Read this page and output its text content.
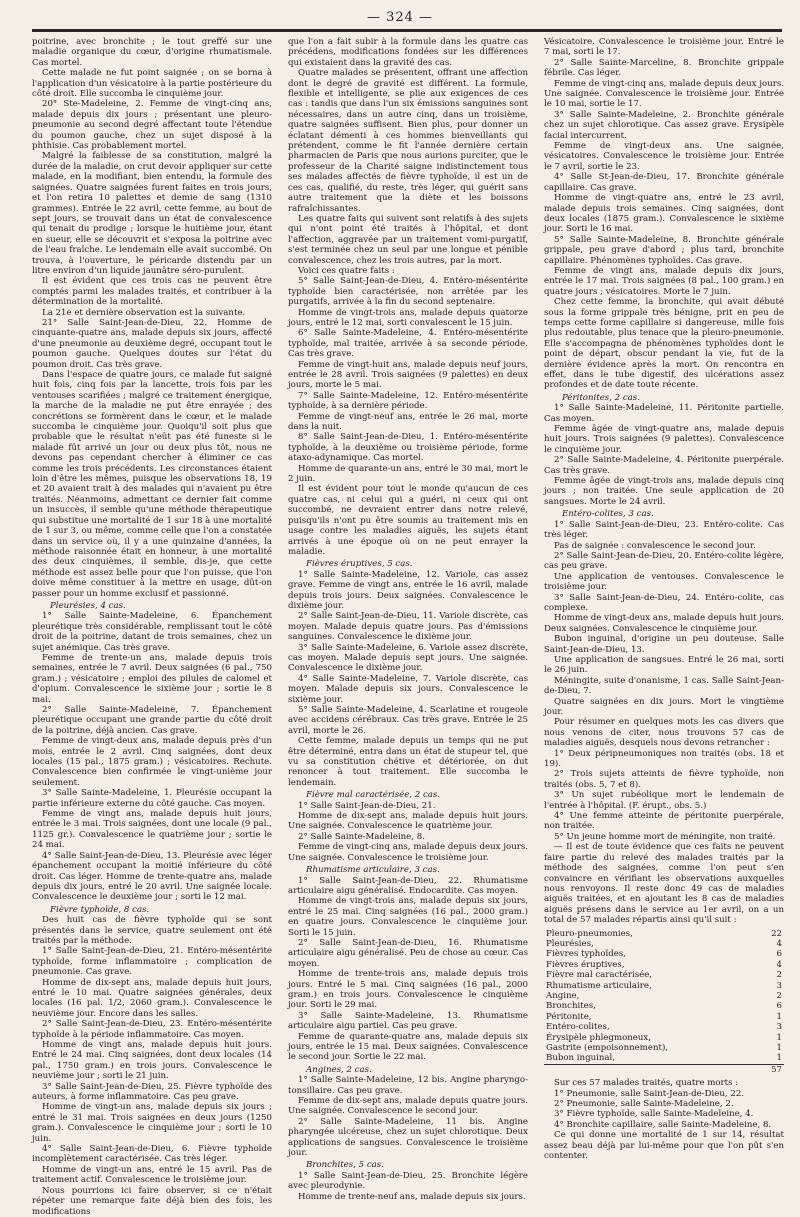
— 324 —

poitrine, avec bronchite ; le tout greffé sur une maladie organique du cœur, d'origine rhumatismale. Cas mortel.

Cette malade ne fut point saignée ; on se borna à l'application d'un vésicatoire à la partie postérieure du côté droit. Elle succomba le cinquième jour.

20° Ste-Madeleine, 2. Femme de vingt-cinq ans, malade depuis dix jours ; présentant une pleuro-pneumonie au second degré affectant toute l'étendue du poumon gauche, chez un sujet disposé à la phthisie. Cas probablement mortel.

Malgré la faiblesse de sa constitution, malgré la durée de la maladie, on crut devoir appliquer sur cette malade, en la modifiant, bien entendu, la formule des saignées. Quatre saignées furent faites en trois jours, et l'on retira 10 palettes et demie de sang (1310 grammes). Entrée le 22 avril, cette femme, au bout de sept jours, se trouvait dans un état de convalescence qui tenait du prodige ; lorsque le huitième jour, étant en sueur, elle se découvrit et s'exposa la poitrine avec de l'eau fraîche. Le lendemain elle avait succombé. On trouva, à l'ouverture, le péricarde distendu par un litre environ d'un liquide jaunâtre séro-purulent.

Il est évident que ces trois cas ne peuvent être comptés parmi les malades traités, et contribuer à la détermination de la mortalité.

La 21e et dernière observation est la suivante.

21° Salle Saint-Jean-de-Dieu, 22. Homme de cinquante-quatre ans, malade depuis six jours, affecté d'une pneumonie au deuxième degré, occupant tout le poumon gauche. Quelques doutes sur l'état du poumon droit. Cas très grave.

Dans l'espace de quatre jours, ce malade fut saigné huit fois, cinq fois par la lancette, trois fois par les ventouses scarifiées ; malgré ce traitement énergique, la marche de la maladie ne put être enrayée ; des concrétions se formèrent dans le cœur, et le malade succomba le cinquième jour. Quoiqu'il soit plus que probable que le résultat n'eût pas été funeste si le malade fût arrivé un jour ou deux plus tôt, nous ne devons pas cependant chercher à éliminer ce cas comme les trois précédents. Les circonstances étaient loin d'être les mêmes, puisque les observations 18, 19 et 20 avaient trait à des malades qui n'avaient pu être traités. Néanmoins, admettant ce dernier fait comme un insuccès, il semble qu'une méthode thérapeutique qui substitue une mortalité de 1 sur 18 à une mortalité de 1 sur 3, ou même, comme celle que l'on a constatée dans un service où, il y a une quinzaine d'années, la méthode raisonnée était en honneur, à une mortalité des deux cinquièmes, il semble, dis-je, que cette méthode est assez belle pour que l'on puisse, que l'on doive même constituer à la mettre en usage, dût-on passer pour un homme exclusif et passionné.

Pleurésies, 4 cas.

1° Salle Sainte-Madeleine, 6. Épanchement pleurétique très considérable, remplissant tout le côté droit de la poitrine, datant de trois semaines, chez un sujet anémique. Cas très grave.

Femme de trente-un ans, malade depuis trois semaines, entrée le 7 avril. Deux saignées (6 pal., 750 gram.) ; vésicatoire ; emploi des pilules de calomel et d'opium. Convalescence le sixième jour ; sortie le 8 mai.

2° Salle Sainte-Madeleine, 7. Épanchement pleurétique occupant une grande partie du côté droit de la poitrine, déjà ancien. Cas grave.

Femme de vingt-deux ans, malade depuis près d'un mois, entrée le 2 avril. Cinq saignées, dont deux locales (15 pal., 1875 gram.) ; vésicatoires. Rechute. Convalescence bien confirmée le vingt-unième jour seulement.

3° Salle Sainte-Madeleine, 1. Pleurésie occupant la partie inférieure externe du côté gauche. Cas moyen.

Femme de vingt ans, malade depuis huit jours, entrée le 3 mai. Trois saignées, dont une locale (9 pal., 1125 gr.). Convalescence le quatrième jour ; sortie le 24 mai.

4° Salle Saint-Jean-de-Dieu, 13. Pleurésie avec léger épanchement occupant la moitié inférieure du côté droit. Cas léger. Homme de trente-quatre ans, malade depuis dix jours, entré le 20 avril. Une saignée locale. Convalescence le deuxième jour ; sorti le 12 mai.

Fièvre typhoïde, 8 cas.

Des huit cas de fièvre typhoïde qui se sont présentés dans le service, quatre seulement ont été traités par la méthode.

1° Salle Saint-Jean-de-Dieu, 21. Entéro-mésentérite typhoïde, forme inflammatoire ; complication de pneumonie. Cas grave.

Homme de dix-sept ans, malade depuis huit jours, entré le 10 mai. Quatre saignées générales, deux locales (16 pal. 1/2, 2060 gram.). Convalescence le neuvième jour. Encore dans les salles.

2° Salle Saint-Jean-de-Dieu, 23. Entéro-mésentérite typhoïde à la période inflammatoire. Cas moyen.

Homme de vingt ans, malade depuis huit jours. Entré le 24 mai. Cinq saignées, dont deux locales (14 pal., 1750 gram.) en trois jours. Convalescence le neuvième jour ; sorti le 21 juin.

3° Salle Saint-Jean-de-Dieu, 25. Fièvre typhoïde des auteurs, à forme inflammatoire. Cas peu grave.

Homme de vingt-un ans, malade depuis six jours ; entré le 31 mai. Trois saignées en deux jours (1250 gram.). Convalescence le cinquième jour ; sorti le 10 juin.

4° Salle Saint-Jean-de-Dieu, 6. Fièvre typhoïde incomplètement caractérisée. Cas très léger.

Homme de vingt-un ans, entré le 15 avril. Pas de traitement actif. Convalescence le troisième jour.

Nous pourrions ici faire observer, si ce n'était répéter une remarque faite déjà bien des fois, les modifications

que l'on a fait subir à la formule dans les quatre cas précédens, modifications fondées sur les différences qui existaient dans la gravité des cas.

Quatre malades se présentent, offrant une affection dont le degré de gravité est différent. La formule, flexible et intelligente, se plie aux exigences de ces cas : tandis que dans l'un six émissions sanguines sont nécessaires, dans un autre cinq, dans un troisième, quatre saignées suffisent. Bien plus, pour donner un éclatant démenti à ces hommes bienveillants qui prétendent, comme le fit l'année dernière certain pharmacien de Paris que nous aurions purciter, que le professeur de la Charité saigne indistinctement tous ses malades affectés de fièvre typhoïde, il est un de ces cas, qualifié, du reste, très léger, qui guérit sans autre traitement que la diète et les boissons rafraîchissantes.

Les quatre faits qui suivent sont relatifs à des sujets qui n'ont point été traités à l'hôpital, et dont l'affection, aggravée par un traitement vomi-purgatif, s'est terminée chez un seul par une longue et pénible convalescence, chez les trois autres, par la mort.

Voici ces quatre faits :

5° Salle Saint-Jean-de-Dieu, 4. Entéro-mésentérite typhoïde bien caractérisée, non arrêtée par les purgatifs, arrivée à la fin du second septenaire.

Homme de vingt-trois ans, malade depuis quatorze jours, entré le 12 mai, sorti convalescent le 15 juin.

6° Salle Sainte-Madeleine, 4. Entéro-mésentérite typhoïde, mal traitée, arrivée à sa seconde période. Cas très grave.

Femme de vingt-huit ans, malade depuis neuf jours, entrée le 28 avril. Trois saignées (9 palettes) en deux jours, morte le 5 mai.

7° Salle Sainte-Madeleine, 12. Entéro-mésentérite typhoïde, à sa dernière période.

Femme de vingt-neuf ans, entrée le 26 mai, morte dans la nuit.

8° Salle Saint-Jean-de-Dieu, 1. Entéro-mésentérite typhoïde, à la deuxième ou troisième période, forme ataxo-adynamique. Cas mortel.

Homme de quarante-un ans, entré le 30 mai, mort le 2 juin.

Il est évident pour tout le monde qu'aucun de ces quatre cas, ni celui qui a guéri, ni ceux qui ont succombé, ne devraient entrer dans notre relevé, puisqu'ils n'ont pu être soumis au traitement mis en usage contre les maladies aiguës, les sujets étant arrivés à une époque où on ne peut enrayer la maladie.

Fièvres éruptives, 5 cas.

1° Salle Sainte-Madeleine, 12. Variole, cas assez grave. Femme de vingt ans, entrée le 16 avril, malade depuis trois jours. Deux saignées. Convalescence le dixième jour.

2° Salle Saint-Jean-de-Dieu, 11. Variole discrète, cas moyen. Malade depuis quatre jours. Pas d'émissions sanguines. Convalescence le dixième jour.

3° Salle Sainte-Madeleine, 6. Variole assez discrète, cas moyen. Malade depuis sept jours. Une saignée. Convalescence le dixième jour.

4° Salle Sainte-Madeleine, 7. Variole discrète, cas moyen. Malade depuis six jours. Convalescence le sixième jour.

5° Salle Sainte-Madeleine, 4. Scarlatine et rougeole avec accidens cérébraux. Cas très grave. Entrée le 25 avril, morte le 26.

Cette femme, malade depuis un temps qui ne put être déterminé, entra dans un état de stupeur tel, que vu sa constitution chétive et détériorée, on dut renoncer à tout traitement. Elle succomba le lendemain.

Fièvre mal caractérisée, 2 cas.

1° Salle Saint-Jean-de-Dieu, 21.

Homme de dix-sept ans, malade depuis huit jours. Une saignée. Convalescence le quatrième jour.

2° Salle Sainte-Madeleine, 8.

Femme de vingt-cinq ans, malade depuis deux jours. Une saignée. Convalescence le troisième jour.

Rhumatisme articulaire, 3 cas.

1° Salle Saint-Jean-de-Dieu, 22. Rhumatisme articulaire aigu généralisé. Endocardite. Cas moyen.

Homme de vingt-trois ans, malade depuis six jours, entré le 25 mai. Cinq saignées (16 pal., 2000 gram.) en quatre jours. Convalescence le cinquième jour. Sorti le 15 juin.

2° Salle Saint-Jean-de-Dieu, 16. Rhumatisme articulaire aigu généralisé. Peu de chose au cœur. Cas moyen.

Homme de trente-trois ans, malade depuis trois jours. Entré le 5 mai. Cinq saignées (16 pal., 2000 gram.) en trois jours. Convalescence le cinquième jour. Sorti le 29 mai.

3° Salle Sainte-Madeleine, 13. Rhumatisme articulaire aigu partiel. Cas peu grave.

Femme de quarante-quatre ans, malade depuis six jours, entrée le 15 mai. Deux saignées. Convalescence le second jour. Sortie le 22 mai.

Angines, 2 cas.

1° Salle Sainte-Madeleine, 12 bis. Angine pharyngo-tonsillaire. Cas peu grave.

Femme de dix-sept ans, malade depuis quatre jours. Une saignée. Convalescence le second jour.

2° Salle Sainte-Madeleine, 11 bis. Angine pharyngée ulcéreuse, chez un sujet chlorotique. Deux applications de sangsues. Convalescence le troisième jour.

Bronchites, 5 cas.

1° Salle Saint-Jean-de-Dieu, 25. Bronchite légère avec pleurodynie.

Homme de trente-neuf ans, malade depuis six jours.

Vésicatoire. Convalescence le troisième jour. Entré le 7 mai, sorti le 17.

2° Salle Sainte-Marceline, 8. Bronchite grippale fébrile. Cas léger.

Femme de vingt-cinq ans, malade depuis deux jours. Une saignée. Convalescence le troisième jour. Entrée le 10 mai, sortie le 17.

3° Salle Sainte-Madeleine, 2. Bronchite générale chez un sujet chlorotique. Cas assez grave. Érysipèle facial intercurrent.

Femme de vingt-deux ans. Une saignée, vésicatoires. Convalescence le troisième jour. Entrée le 7 avril, sortie le 23.

4° Salle St-Jean-de-Dieu, 17. Bronchite générale capillaire. Cas grave.

Homme de vingt-quatre ans, entré le 23 avril, malade depuis trois semaines. Cinq saignées, dont deux locales (1875 gram.). Convalescence le sixième jour. Sorti le 16 mai.

5° Salle Sainte-Madeleine, 8. Bronchite générale grippale, peu grave d'abord ; plus tard, bronchite capillaire. Phénomènes typhoïdes. Cas grave.

Femme de vingt ans, malade depuis dix jours, entrée le 17 mai. Trois saignées (8 pal., 100 gram.) en quatre jours ; vésicatoires. Morte le 7 juin.

Chez cette femme, la bronchite, qui avait débuté sous la forme grippale très bénigne, prit en peu de temps cette forme capillaire si dangereuse, mille fois plus redoutable, plus tenace que la pleuro-pneumonie. Elle s'accompagna de phénomènes typhoïdes dont le point de départ, obscur pendant la vie, fut de la dernière évidence après la mort. On rencontra en effet, dans le tube digestif, des ulcérations assez profondes et de date toute récente.

Péritonites, 2 cas.

1° Salle Sainte-Madeleine, 11. Péritonite partielle. Cas moyen.

Femme âgée de vingt-quatre ans, malade depuis huit jours. Trois saignées (9 palettes). Convalescence le cinquième jour.

2° Salle Sainte-Madeleine, 4. Péritonite puerpérale. Cas très grave.

Femme âgée de vingt-trois ans, malade depuis cinq jours ; non traitée. Une seule application de 20 sangsues. Morte le 24 avril.

Entéro-colites, 3 cas.

1° Salle Saint-Jean-de-Dieu, 23. Entéro-colite. Cas très léger.

Pas de saignée : convalescence le second jour.

2° Salle Saint-Jean-de-Dieu, 20. Entéro-colite légère, cas peu grave.

Une application de ventouses. Convalescence le troisième jour.

3° Salle Saint-Jean-de-Dieu, 24. Entéro-colite, cas complexe.

Homme de vingt-deux ans, malade depuis huit jours. Deux saignées. Convalescence le cinquième jour.

Bubon inguinal, d'origine un peu douteuse. Salle Saint-Jean-de-Dieu, 13.

Une application de sangsues. Entré le 26 mai, sorti le 26 juin.

Méningite, suite d'onanisme, 1 cas. Salle Saint-Jean-de-Dieu, 7.

Quatre saignées en dix jours. Mort le vingtième jour.

Pour résumer en quelques mots les cas divers que nous venons de citer, nous trouvons 57 cas de maladies aiguës, desquels nous devons retrancher :

1° Deux péripneumoniques non traités (obs. 18 et 19).

2° Trois sujets atteints de fièvre typhoïde, non traités (obs. 5, 7 et 8).

3° Un sujet rubéolique mort le lendemain de l'entrée à l'hôpital. (F. érupt., obs. 5.)

4° Une femme atteinte de péritonite puerpérale, non traitée.

5° Un jeune homme mort de méningite, non traité.

— Il est de toute évidence que ces faits ne peuvent faire partie du relevé des malades traités par la méthode des saignées, comme l'on peut s'en convaincre en vérifiant les observations auxquelles nous renvoyons. Il reste donc 49 cas de maladies aiguës traitées, et en ajoutant les 8 cas de maladies aiguës présens dans le service au 1er avril, on a un total de 57 malades répartis ainsi qu'il suit :

Pleuro-pneumonies,	22
Pleurésies,	4
Fièvres typhoïdes,	6
Fièvres éruptives,	4
Fièvre mal caractérisée,	2
Rhumatisme articulaire,	3
Angine,	2
Bronchites,	6
Péritonite,	1
Entéro-colites,	3
Érysipèle phlegmoneux,	1
Gastrite (empoisonnement),	1
Bubon inguinal,	1
	57

Sur ces 57 malades traités, quatre morts :

1° Pneumonie, salle Saint-Jean-de-Dieu, 22.

2° Pneumonie, salle Sainte-Madeleine, 2.

3° Fièvre typhoïde, salle Sainte-Madeleine, 4.

4° Bronchite capillaire, salle Sainte-Madeleine, 8.

Ce qui donne une mortalité de 1 sur 14, résultat assez beau déjà par lui-même pour que l'on pût s'en contenter.
